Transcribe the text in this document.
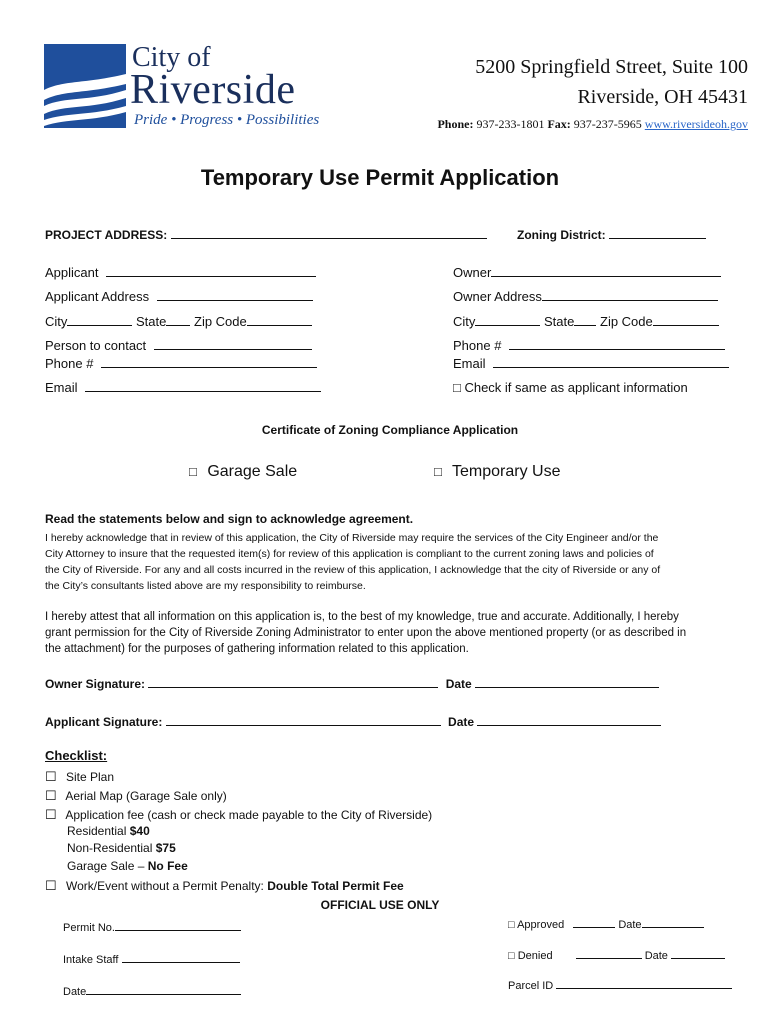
City of
Riverside
Pride • Progress • Possibilities
5200 Springfield Street, Suite 100
Riverside, OH 45431
Phone: 937-233-1801 Fax: 937-237-5965 www.riversideoh.gov
Temporary Use Permit Application
PROJECT ADDRESS:	Zoning District:
Applicant
Applicant Address
City	State Zip Code
Person to contact
Phone #
Email
Owner
Owner Address
City	State Zip Code
Phone #
Email
□ Check if same as applicant information
Certificate of Zoning Compliance Application
□ Garage Sale	□ Temporary Use
Read the statements below and sign to acknowledge agreement.
I hereby acknowledge that in review of this application, the City of Riverside may require the services of the City Engineer and/or the
City Attorney to insure that the requested item(s) for review of this application is compliant to the current zoning laws and policies of
the City of Riverside. For any and all costs incurred in the review of this application, I acknowledge that the city of Riverside or any of
the City’s consultants listed above are my responsibility to reimburse.
I hereby attest that all information on this application is, to the best of my knowledge, true and accurate. Additionally, I hereby
grant permission for the City of Riverside Zoning Administrator to enter upon the above mentioned property (or as described in
the attachment) for the purposes of gathering information related to this application.
Owner Signature:	Date
Applicant Signature:	Date
Checklist:
☐ Site Plan
☐ Aerial Map (Garage Sale only)
☐ Application fee (cash or check made payable to the City of Riverside)
Residential $40
Non-Residential $75
Garage Sale – No Fee
☐ Work/Event without a Permit Penalty: Double Total Permit Fee
OFFICIAL USE ONLY
Permit No.
Intake Staff
Date
□ Approved	Date
□ Denied	Date
Parcel ID
